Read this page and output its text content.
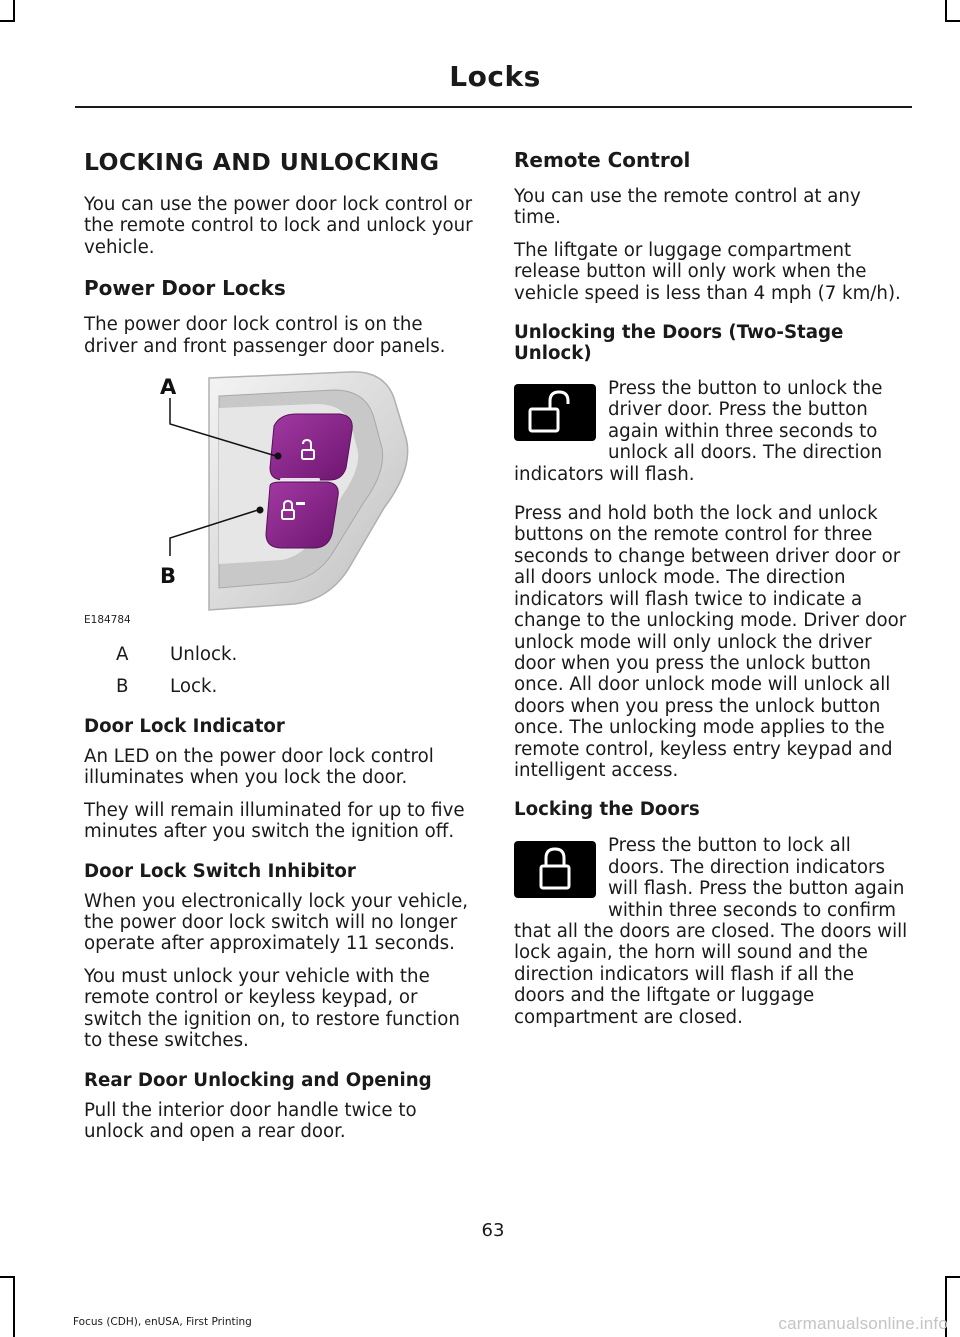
Locks
LOCKING AND UNLOCKING

You can use the power door lock control or the remote control to lock and unlock your vehicle.

Power Door Locks

The power door lock control is on the driver and front passenger door panels.

A
B
E184784
A	Unlock.
B	Lock.
Door Lock Indicator

An LED on the power door lock control illuminates when you lock the door.

They will remain illuminated for up to five minutes after you switch the ignition off.

Door Lock Switch Inhibitor

When you electronically lock your vehicle, the power door lock switch will no longer operate after approximately 11 seconds.

You must unlock your vehicle with the remote control or keyless keypad, or switch the ignition on, to restore function to these switches.

Rear Door Unlocking and Opening

Pull the interior door handle twice to unlock and open a rear door.

Remote Control

You can use the remote control at any time.

The liftgate or luggage compartment release button will only work when the vehicle speed is less than 4 mph (7 km/h).

Unlocking the Doors (Two-Stage Unlock)

Press the button to unlock the driver door. Press the button again within three seconds to unlock all doors. The direction indicators will flash.

Press and hold both the lock and unlock buttons on the remote control for three seconds to change between driver door or all doors unlock mode. The direction indicators will flash twice to indicate a change to the unlocking mode. Driver door unlock mode will only unlock the driver door when you press the unlock button once. All door unlock mode will unlock all doors when you press the unlock button once. The unlocking mode applies to the remote control, keyless entry keypad and intelligent access.

Locking the Doors

Press the button to lock all doors. The direction indicators will flash. Press the button again within three seconds to confirm that all the doors are closed. The doors will lock again, the horn will sound and the direction indicators will flash if all the doors and the liftgate or luggage compartment are closed.

63
Focus (CDH), enUSA, First Printing	carmanualsonline.info
